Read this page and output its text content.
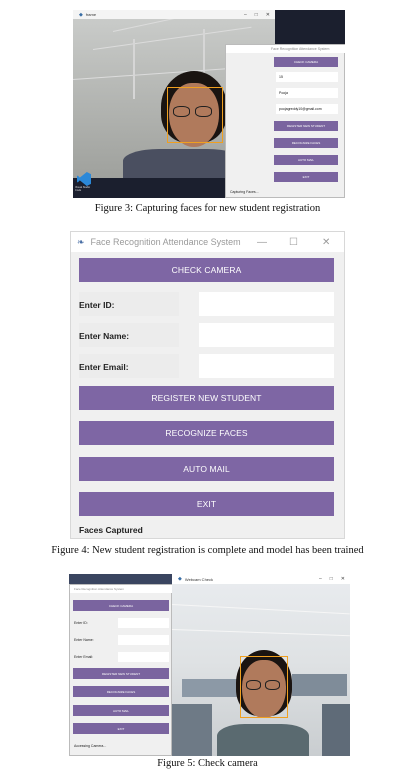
◆ frame	– □ ✕
Visual Studio Code
Face Recognition Attendance System
CHECK CAMERA
15
Pooja
poojagreddy10@gmail.com
REGISTER NEW STUDENT
RECOGNIZE FACES
AUTO MAIL
EXIT
Capturing Faces...
Figure 3: Capturing faces for new student registration
❧ Face Recognition Attendance System — ☐ ✕
CHECK CAMERA
Enter ID:
Enter Name:
Enter Email:
REGISTER NEW STUDENT
RECOGNIZE FACES
AUTO MAIL
EXIT
Faces Captured
Figure 4: New student registration is complete and model has been trained
Face Recognition Attendance System
CHECK CAMERA
Enter ID:
Enter Name:
Enter Email:
REGISTER NEW STUDENT
RECOGNIZE FACES
AUTO MAIL
EXIT
Accessing Camera...
◆ Webcam Check	– □ ✕
Figure 5: Check camera
